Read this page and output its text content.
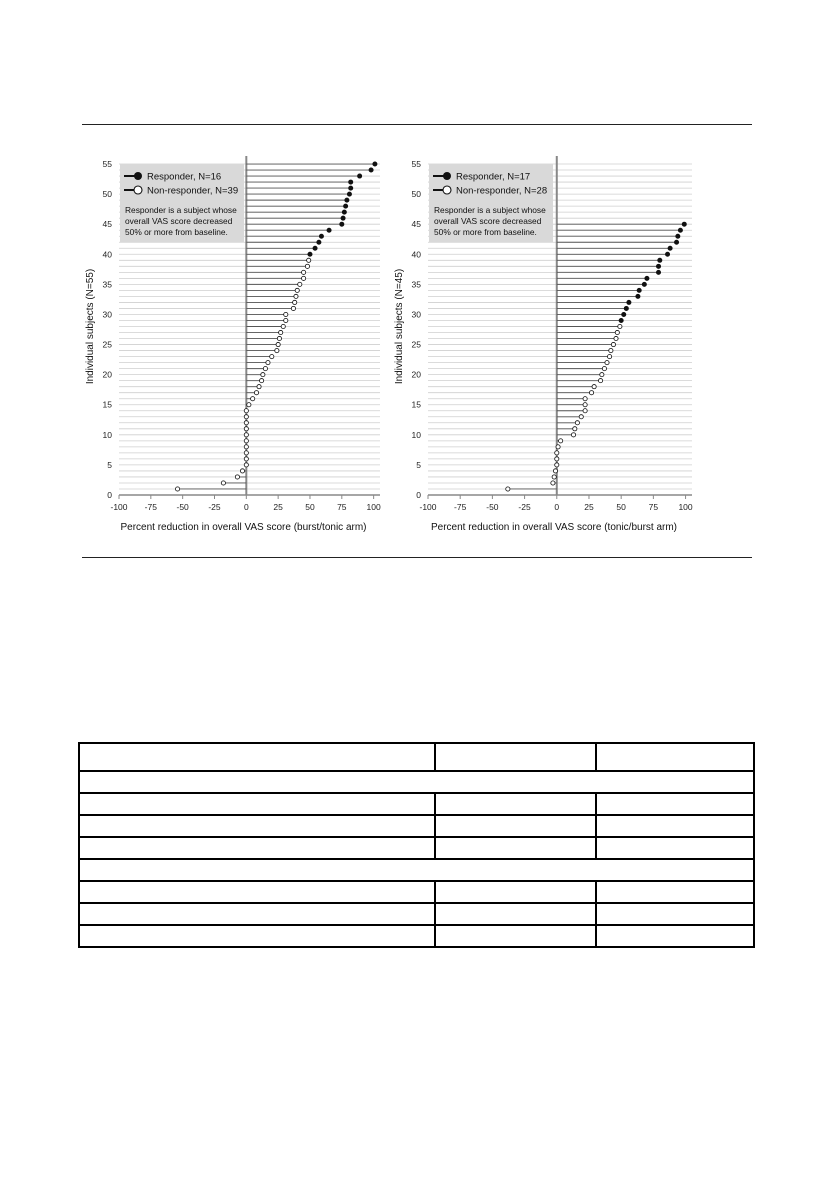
-100 -75 -50 -25	0	25	50	75 100
0
5
10
15
20
25
30
35
40
45
50
55
Responder, N=16
Non-responder, N=39
Responder is a subject whose
overall VAS score decreased
50% or more from baseline.
Percent reduction in overall VAS score (burst/tonic arm)
Individual subjects (N=55)
-100 -75 -50 -25	0	25	50	75 100
0
5
10
15
20
25
30
35
40
45
50
55
Responder, N=17
Non-responder, N=28
Responder is a subject whose
overall VAS score decreased
50% or more from baseline.
Percent reduction in overall VAS score (tonic/burst arm)
Individual subjects (N=45)
